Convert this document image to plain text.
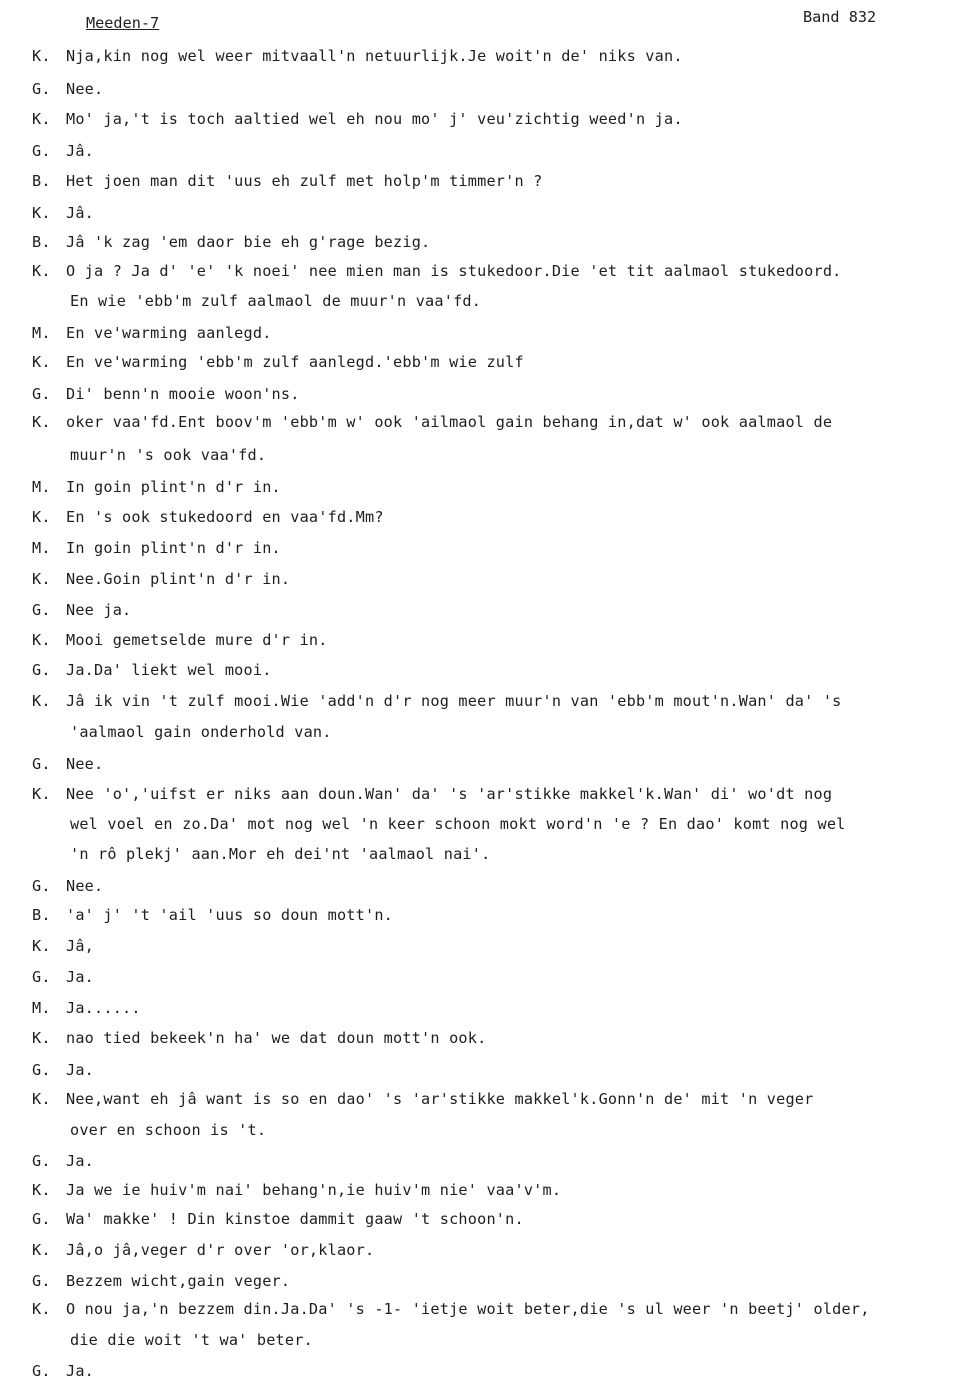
Meeden-7	Band 832
K. Nja,kin nog wel weer mitvaall'n netuurlijk.Je woit'n de' niks van.
G. Nee.
K. Mo' ja,'t is toch aaltied wel eh nou mo' j' veu'zichtig weed'n ja.
G. Jâ.
B. Het joen man dit 'uus eh zulf met holp'm timmer'n ?
K. Jâ.
B. Jâ 'k zag 'em daor bie eh g'rage bezig.
K. O ja ? Ja d' 'e' 'k noei' nee mien man is stukedoor.Die 'et tit aalmaol stukedoord.
En wie 'ebb'm zulf aalmaol de muur'n vaa'fd.
M. En ve'warming aanlegd.
K. En ve'warming 'ebb'm zulf aanlegd.'ebb'm wie zulf
G. Di' benn'n mooie woon'ns.
K. oker vaa'fd.Ent boov'm 'ebb'm w' ook 'ailmaol gain behang in,dat w' ook aalmaol de
muur'n 's ook vaa'fd.
M. In goin plint'n d'r in.
K. En 's ook stukedoord en vaa'fd.Mm?
M. In goin plint'n d'r in.
K. Nee.Goin plint'n d'r in.
G. Nee ja.
K. Mooi gemetselde mure d'r in.
G. Ja.Da' liekt wel mooi.
K. Jâ ik vin 't zulf mooi.Wie 'add'n d'r nog meer muur'n van 'ebb'm mout'n.Wan' da' 's
'aalmaol gain onderhold van.
G. Nee.
K. Nee 'o','uifst er niks aan doun.Wan' da' 's 'ar'stikke makkel'k.Wan' di' wo'dt nog
wel voel en zo.Da' mot nog wel 'n keer schoon mokt word'n 'e ? En dao' komt nog wel
'n rô plekj' aan.Mor eh dei'nt 'aalmaol nai'.
G. Nee.
B. 'a' j' 't 'ail 'uus so doun mott'n.
K. Jâ,
G. Ja.
M. Ja......
K. nao tied bekeek'n ha' we dat doun mott'n ook.
G. Ja.
K. Nee,want eh jâ want is so en dao' 's 'ar'stikke makkel'k.Gonn'n de' mit 'n veger
over en schoon is 't.
G. Ja.
K. Ja we ie huiv'm nai' behang'n,ie huiv'm nie' vaa'v'm.
G. Wa' makke' ! Din kinstoe dammit gaaw 't schoon'n.
K. Jâ,o jâ,veger d'r over 'or,klaor.
G. Bezzem wicht,gain veger.
K. O nou ja,'n bezzem din.Ja.Da' 's -1- 'ietje woit beter,die 's ul weer 'n beetj' older,
die die woit 't wa' beter.
G. Ja.
